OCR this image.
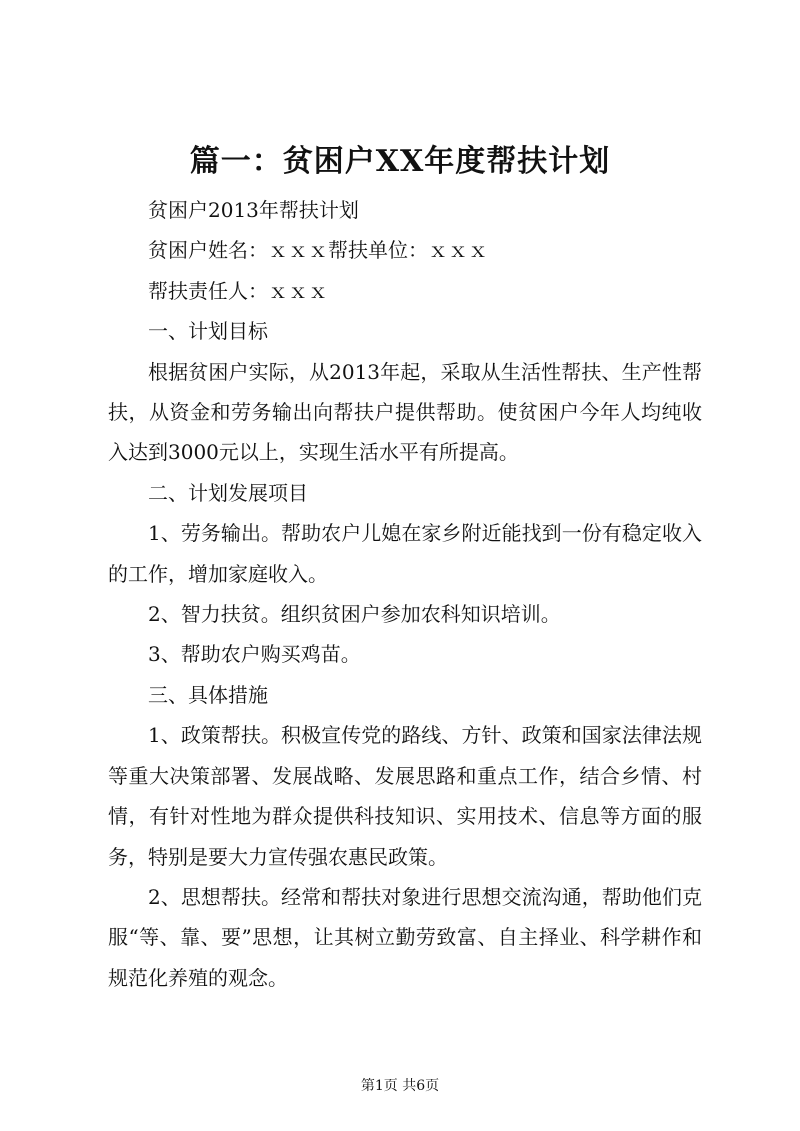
篇一：贫困户XX年度帮扶计划

贫困户2013年帮扶计划

贫困户姓名：ｘｘｘ帮扶单位：ｘｘｘ

帮扶责任人：ｘｘｘ

一、计划目标

根据贫困户实际，从2013年起，采取从生活性帮扶、生产性帮扶，从资金和劳务输出向帮扶户提供帮助。使贫困户今年人均纯收入达到3000元以上，实现生活水平有所提高。

二、计划发展项目

1、劳务输出。帮助农户儿媳在家乡附近能找到一份有稳定收入的工作，增加家庭收入。

2、智力扶贫。组织贫困户参加农科知识培训。

3、帮助农户购买鸡苗。

三、具体措施

1、政策帮扶。积极宣传党的路线、方针、政策和国家法律法规等重大决策部署、发展战略、发展思路和重点工作，结合乡情、村情，有针对性地为群众提供科技知识、实用技术、信息等方面的服务，特别是要大力宣传强农惠民政策。

2、思想帮扶。经常和帮扶对象进行思想交流沟通，帮助他们克服“等、靠、要”思想，让其树立勤劳致富、自主择业、科学耕作和规范化养殖的观念。

第1页 共6页
